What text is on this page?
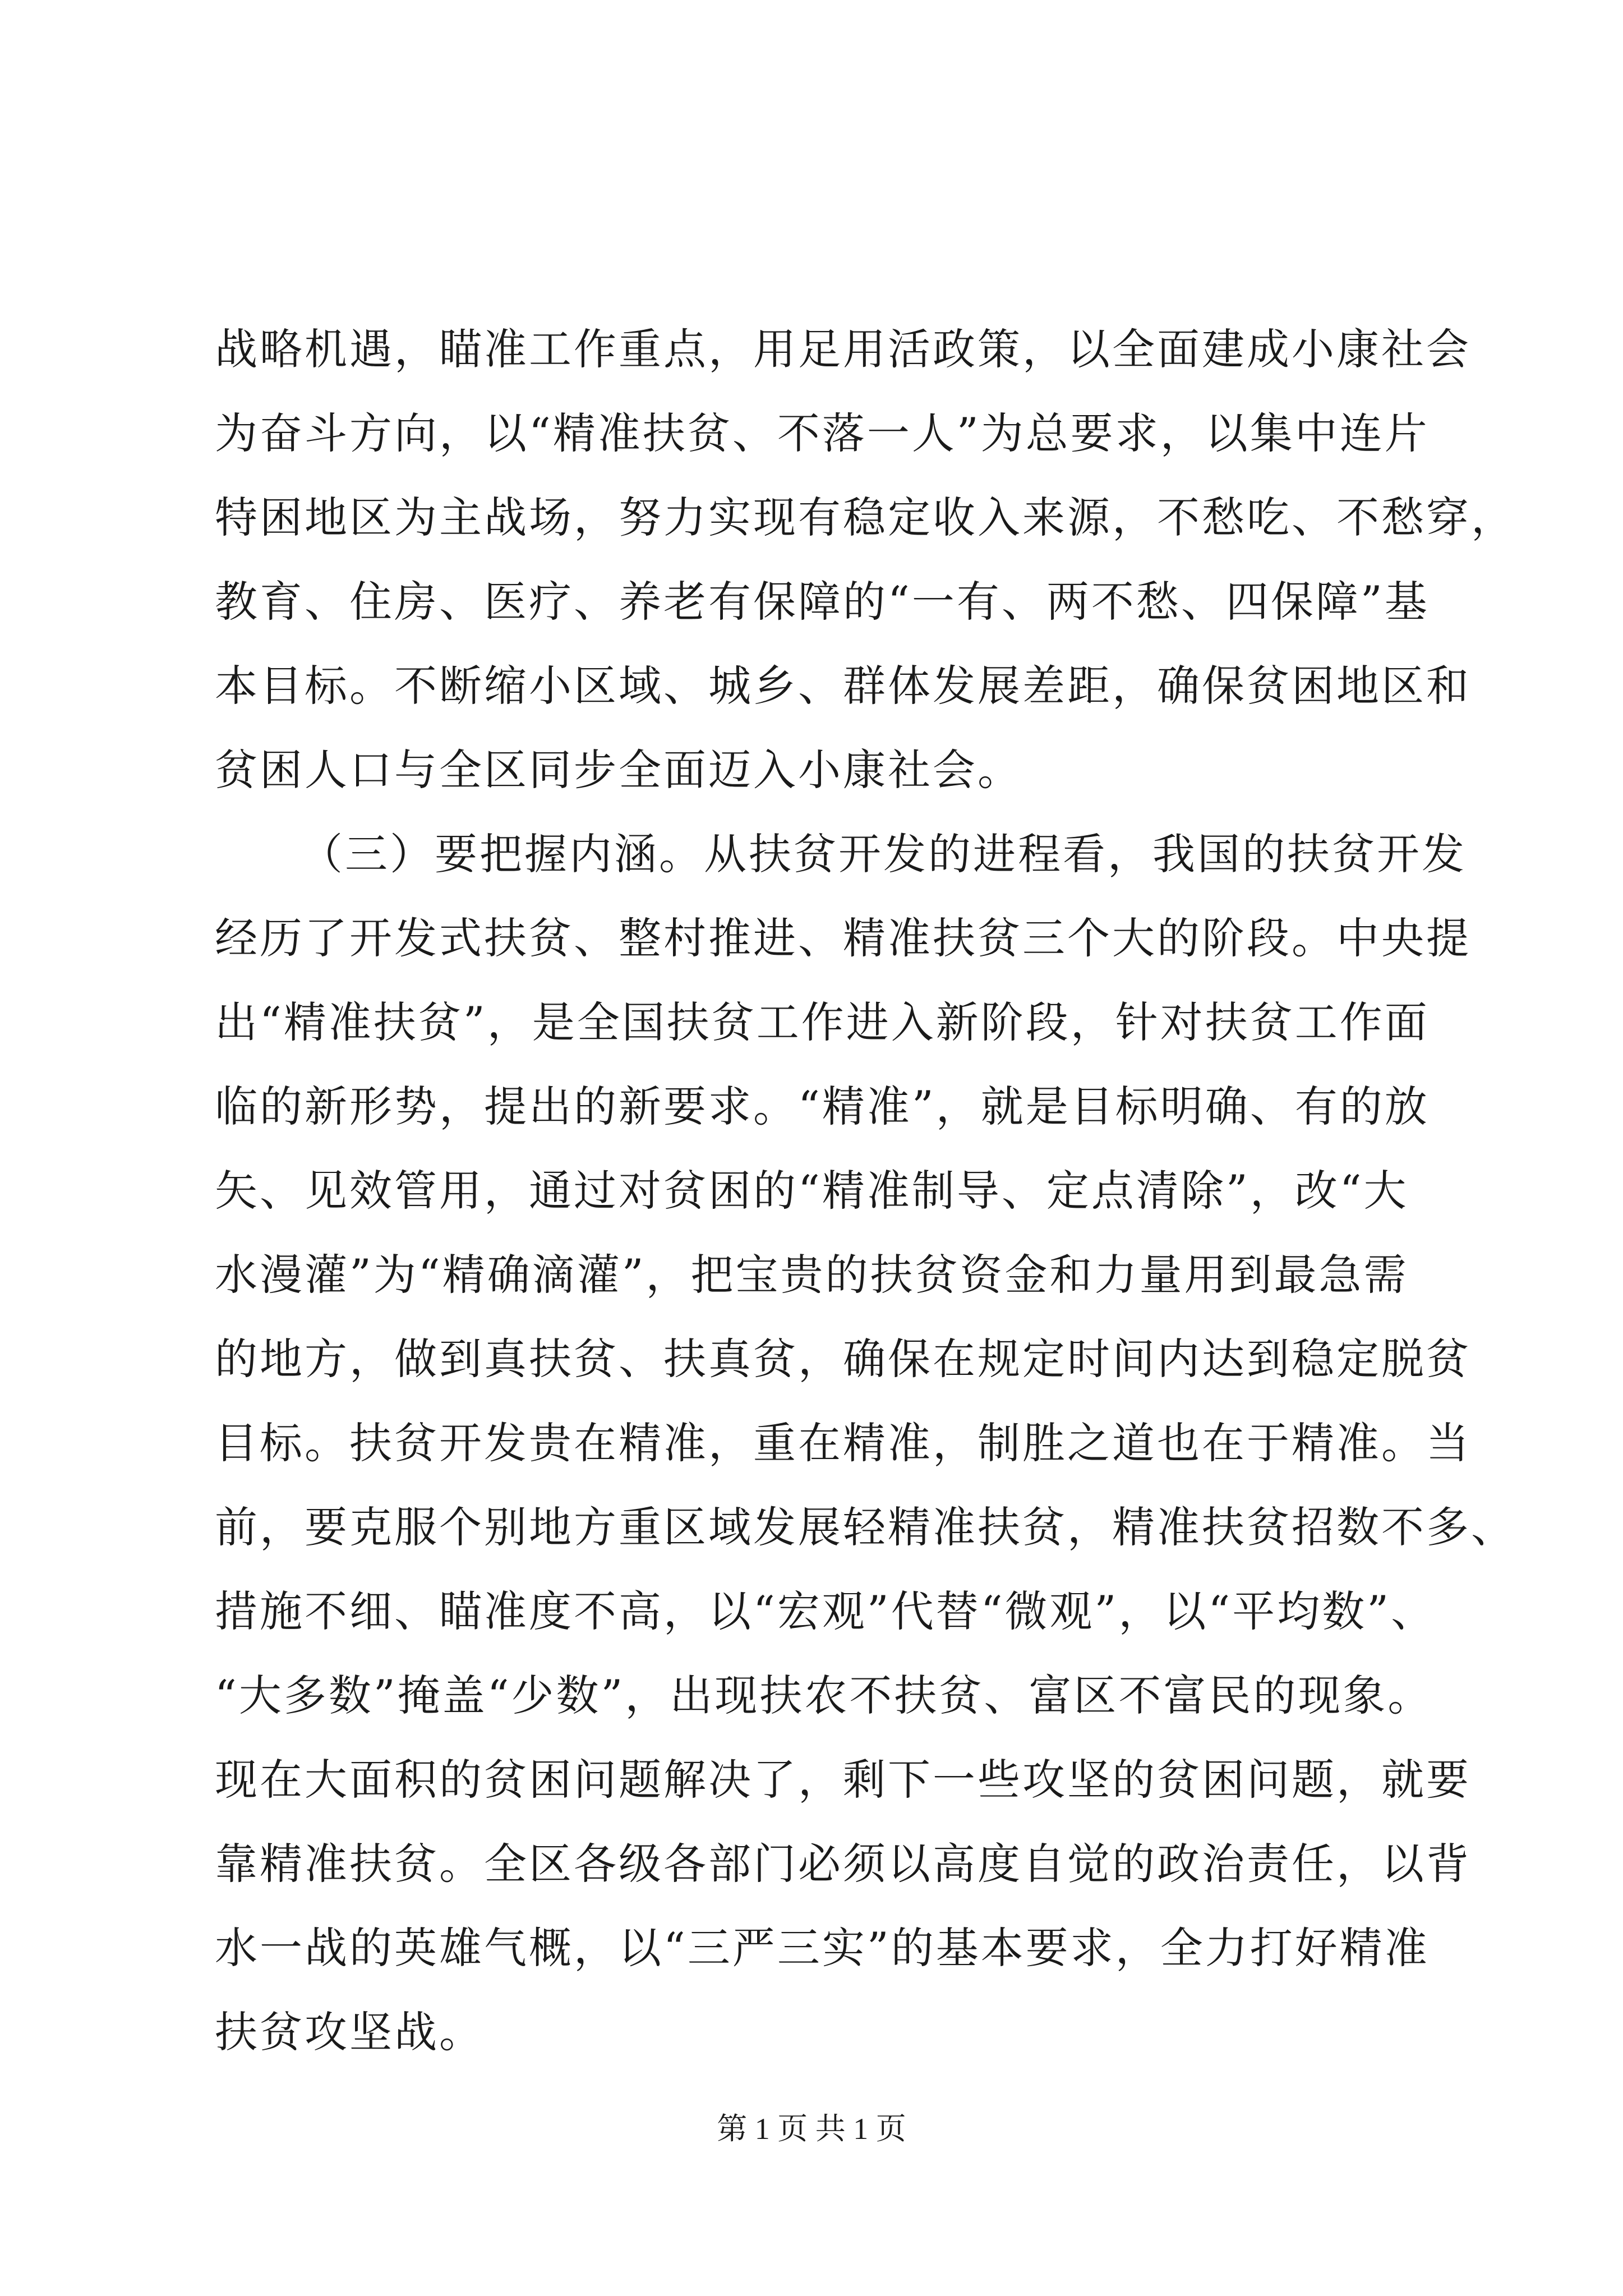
战略机遇，瞄准工作重点，用足用活政策，以全面建成小康社会
为奋斗方向，以“精准扶贫、不落一人”为总要求，以集中连片
特困地区为主战场，努力实现有稳定收入来源，不愁吃、不愁穿，
教育、住房、医疗、养老有保障的“一有、两不愁、四保障”基
本目标。不断缩小区域、城乡、群体发展差距，确保贫困地区和
贫困人口与全区同步全面迈入小康社会。
（三）要把握内涵。从扶贫开发的进程看，我国的扶贫开发
经历了开发式扶贫、整村推进、精准扶贫三个大的阶段。中央提
出“精准扶贫”，是全国扶贫工作进入新阶段，针对扶贫工作面
临的新形势，提出的新要求。“精准”，就是目标明确、有的放
矢、见效管用，通过对贫困的“精准制导、定点清除”，改“大
水漫灌”为“精确滴灌”，把宝贵的扶贫资金和力量用到最急需
的地方，做到真扶贫、扶真贫，确保在规定时间内达到稳定脱贫
目标。扶贫开发贵在精准，重在精准，制胜之道也在于精准。当
前，要克服个别地方重区域发展轻精准扶贫，精准扶贫招数不多、
措施不细、瞄准度不高，以“宏观”代替“微观”，以“平均数”、
“大多数”掩盖“少数”，出现扶农不扶贫、富区不富民的现象。
现在大面积的贫困问题解决了，剩下一些攻坚的贫困问题，就要
靠精准扶贫。全区各级各部门必须以高度自觉的政治责任，以背
水一战的英雄气概，以“三严三实”的基本要求，全力打好精准
扶贫攻坚战。
第 1 页 共 1 页
